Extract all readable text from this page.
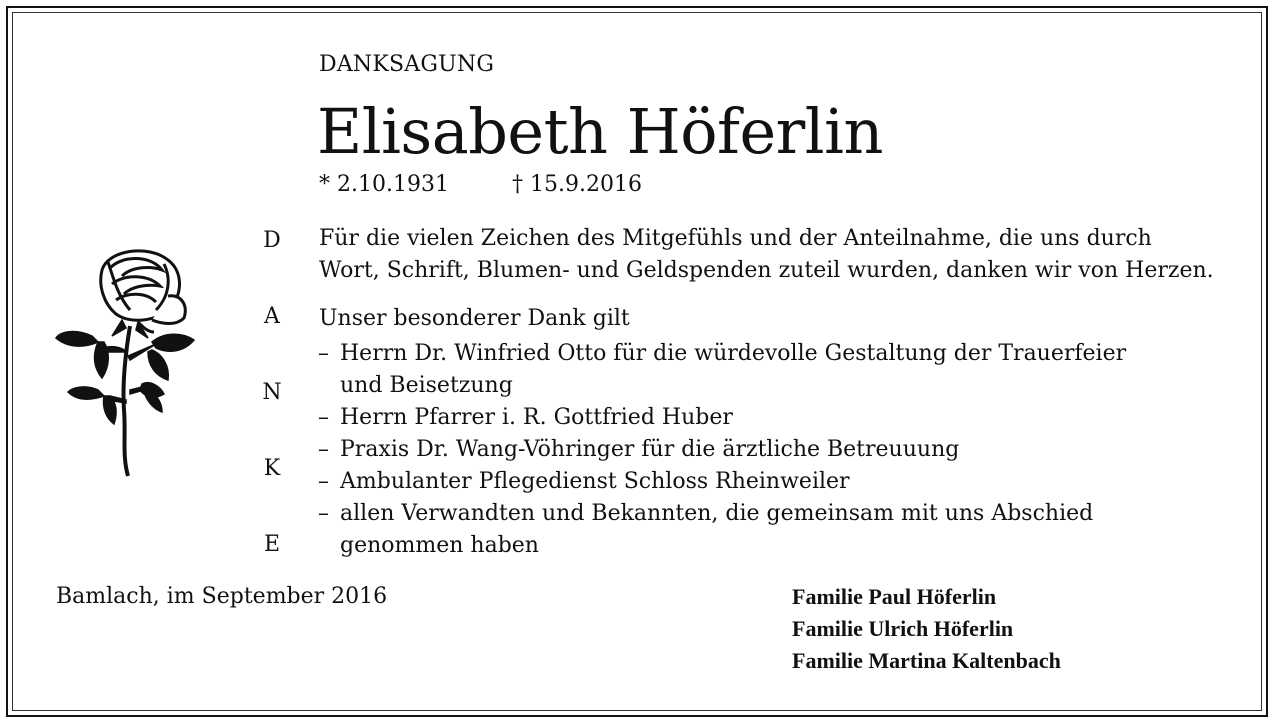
DANKSAGUNG
Elisabeth Höferlin
* 2.10.1931	† 15.9.2016
D
A
N
K
E
Für die vielen Zeichen des Mitgefühls und der Anteilnahme, die uns durch
Wort, Schrift, Blumen- und Geldspenden zuteil wurden, danken wir von Herzen.
Unser besonderer Dank gilt
– Herrn Dr. Winfried Otto für die würdevolle Gestaltung der Trauerfeier
und Beisetzung
– Herrn Pfarrer i. R. Gottfried Huber
– Praxis Dr. Wang-Vöhringer für die ärztliche Betreuuung
– Ambulanter Pflegedienst Schloss Rheinweiler
– allen Verwandten und Bekannten, die gemeinsam mit uns Abschied
genommen haben
Bamlach, im September 2016	Familie Paul Höferlin
Familie Ulrich Höferlin
Familie Martina Kaltenbach
